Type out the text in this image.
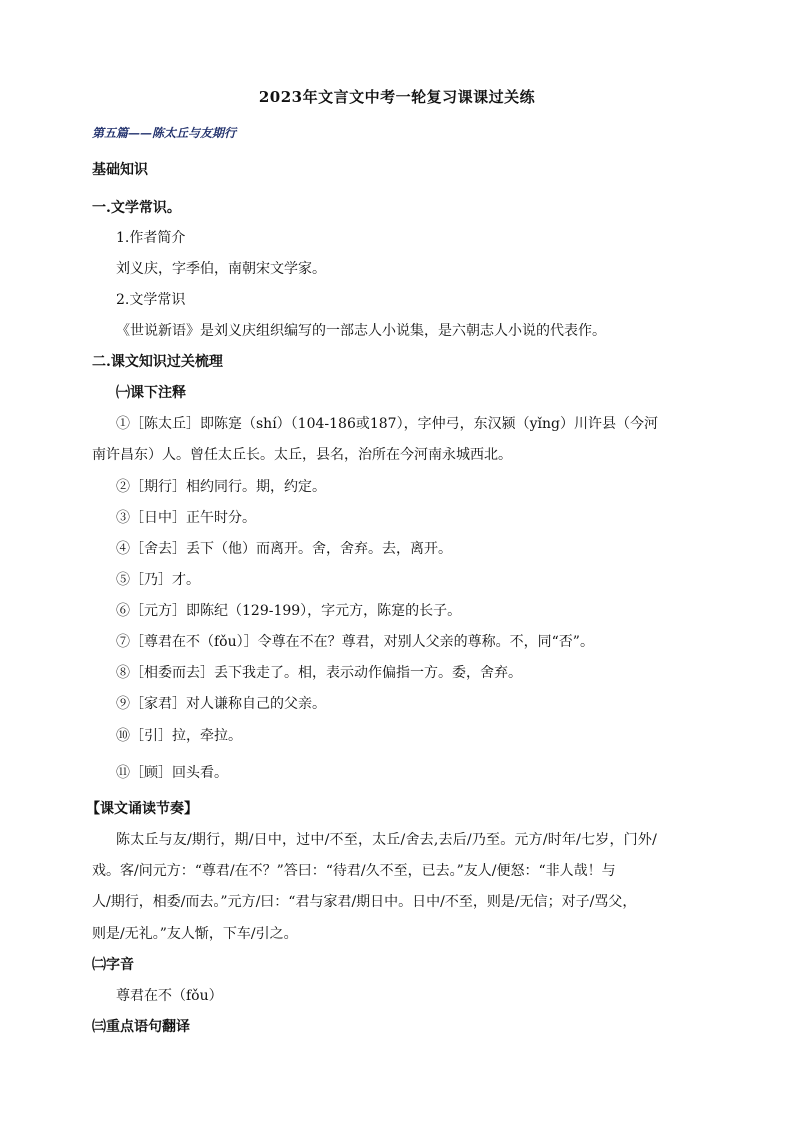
2023年文言文中考一轮复习课课过关练
第五篇——陈太丘与友期行
基础知识
一.文学常识。
1.作者简介
刘义庆，字季伯，南朝宋文学家。
2.文学常识
《世说新语》是刘义庆组织编写的一部志人小说集，是六朝志人小说的代表作。
二.课文知识过关梳理
㈠课下注释
①［陈太丘］即陈寔（shí）（104-186或187），字仲弓，东汉颍（yǐng）川许县（今河
南许昌东）人。曾任太丘长。太丘，县名，治所在今河南永城西北。
②［期行］相约同行。期，约定。
③［日中］正午时分。
④［舍去］丢下（他）而离开。舍，舍弃。去，离开。
⑤［乃］才。
⑥［元方］即陈纪（129-199），字元方，陈寔的长子。
⑦［尊君在不（fǒu）］令尊在不在？尊君，对别人父亲的尊称。不，同“否”。
⑧［相委而去］丢下我走了。相，表示动作偏指一方。委，舍弃。
⑨［家君］对人谦称自己的父亲。
⑩［引］拉，牵拉。
⑪［顾］回头看。
【课文诵读节奏】
陈太丘与友/期行，期/日中，过中/不至，太丘/舍去,去后/乃至。元方/时年/七岁，门外/
戏。客/问元方：“尊君/在不？”答曰：“待君/久不至，已去。”友人/便怒：“非人哉！与
人/期行，相委/而去。”元方/曰：“君与家君/期日中。日中/不至，则是/无信；对子/骂父，
则是/无礼。”友人惭，下车/引之。
㈡字音
尊君在不（fǒu）
㈢重点语句翻译
